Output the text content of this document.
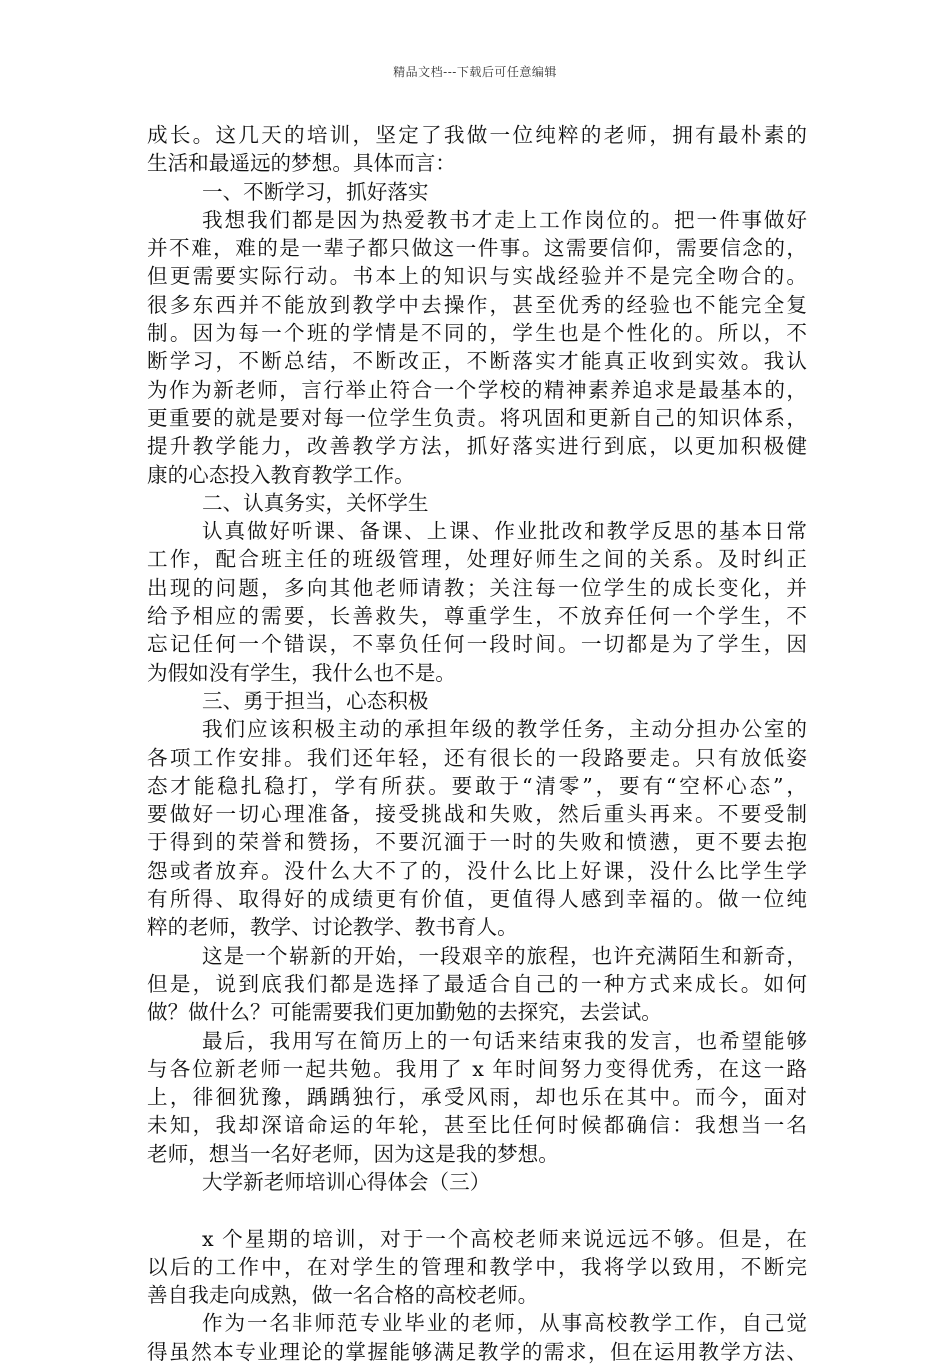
精品文档---下载后可任意编辑
成长。这几天的培训，坚定了我做一位纯粹的老师，拥有最朴素的
生活和最遥远的梦想。具体而言：
一、不断学习，抓好落实
我想我们都是因为热爱教书才走上工作岗位的。把一件事做好
并不难，难的是一辈子都只做这一件事。这需要信仰，需要信念的，
但更需要实际行动。书本上的知识与实战经验并不是完全吻合的。
很多东西并不能放到教学中去操作，甚至优秀的经验也不能完全复
制。因为每一个班的学情是不同的，学生也是个性化的。所以，不
断学习，不断总结，不断改正，不断落实才能真正收到实效。我认
为作为新老师，言行举止符合一个学校的精神素养追求是最基本的，
更重要的就是要对每一位学生负责。将巩固和更新自己的知识体系，
提升教学能力，改善教学方法，抓好落实进行到底，以更加积极健
康的心态投入教育教学工作。
二、认真务实，关怀学生
认真做好听课、备课、上课、作业批改和教学反思的基本日常
工作，配合班主任的班级管理，处理好师生之间的关系。及时纠正
出现的问题，多向其他老师请教；关注每一位学生的成长变化，并
给予相应的需要，长善救失，尊重学生，不放弃任何一个学生，不
忘记任何一个错误，不辜负任何一段时间。一切都是为了学生，因
为假如没有学生，我什么也不是。
三、勇于担当，心态积极
我们应该积极主动的承担年级的教学任务，主动分担办公室的
各项工作安排。我们还年轻，还有很长的一段路要走。只有放低姿
态才能稳扎稳打，学有所获。要敢于“清零”，要有“空杯心态”，
要做好一切心理准备，接受挑战和失败，然后重头再来。不要受制
于得到的荣誉和赞扬，不要沉湎于一时的失败和愤懑，更不要去抱
怨或者放弃。没什么大不了的，没什么比上好课，没什么比学生学
有所得、取得好的成绩更有价值，更值得人感到幸福的。做一位纯
粹的老师，教学、讨论教学、教书育人。
这是一个崭新的开始，一段艰辛的旅程，也许充满陌生和新奇，
但是，说到底我们都是选择了最适合自己的一种方式来成长。如何
做？做什么？可能需要我们更加勤勉的去探究，去尝试。
最后，我用写在简历上的一句话来结束我的发言，也希望能够
与各位新老师一起共勉。我用了 x 年时间努力变得优秀，在这一路
上，徘徊犹豫，踽踽独行，承受风雨，却也乐在其中。而今，面对
未知，我却深谙命运的年轮，甚至比任何时候都确信：我想当一名
老师，想当一名好老师，因为这是我的梦想。
大学新老师培训心得体会（三）
x 个星期的培训，对于一个高校老师来说远远不够。但是，在
以后的工作中，在对学生的管理和教学中，我将学以致用，不断完
善自我走向成熟，做一名合格的高校老师。
作为一名非师范专业毕业的老师，从事高校教学工作，自己觉
得虽然本专业理论的掌握能够满足教学的需求，但在运用教学方法、
